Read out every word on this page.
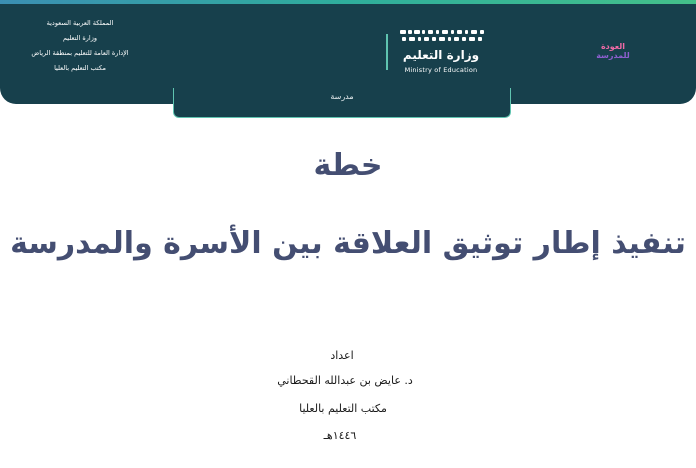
المملكة العربية السعودية
وزارة التعليم
الإدارة العامة للتعليم بمنطقة الرياض
مكتب التعليم بالعليا
وزارة التعليم
Ministry of Education
العودة
للمدرسة
مدرسة
خطة
تنفيذ إطار توثيق العلاقة بين الأسرة والمدرسة
اعداد
د. عايض بن عبدالله القحطاني
مكتب التعليم بالعليا
١٤٤٦هـ
